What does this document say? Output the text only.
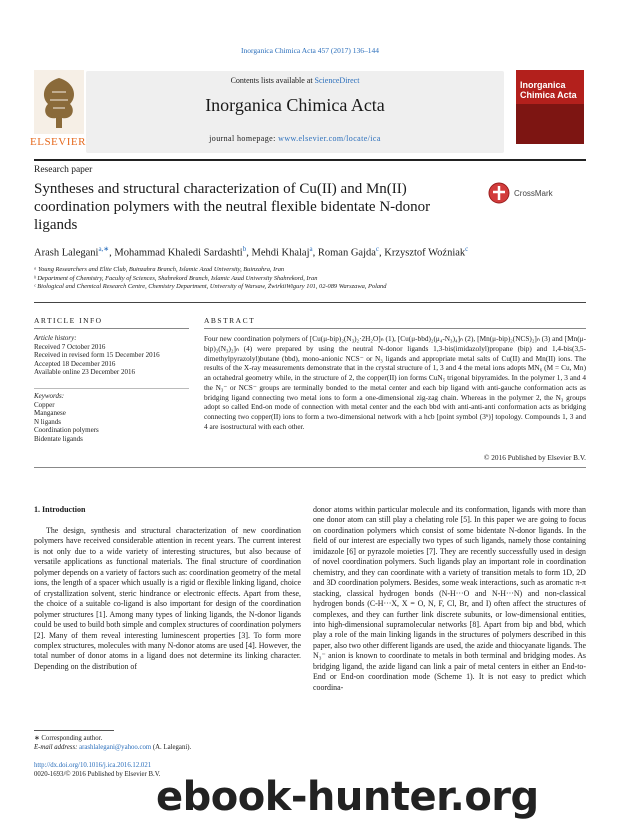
Inorganica Chimica Acta 457 (2017) 136–144
Contents lists available at ScienceDirect
Inorganica Chimica Acta
journal homepage: www.elsevier.com/locate/ica
ELSEVIER
Inorganica Chimica Acta
Research paper
Syntheses and structural characterization of Cu(II) and Mn(II) coordination polymers with the neutral flexible bidentate N-donor ligands
CrossMark
Arash Lalegani$^{a,∗}$, Mohammad Khaledi Sardashti$^b$, Mehdi Khalaj$^a$, Roman Gajda$^c$, Krzysztof Woźniak$^c$
ᵃ Young Researchers and Elite Club, Buinzahra Branch, Islamic Azad University, Buinzahra, Iran
ᵇ Department of Chemistry, Faculty of Sciences, Shahrekord Branch, Islamic Azad University Shahrekord, Iran
ᶜ Biological and Chemical Research Centre, Chemistry Department, University of Warsaw, ŻwirkiiWigury 101, 02-089 Warszawa, Poland
ARTICLE INFO	ABSTRACT
Article history:
Received 7 October 2016
Received in revised form 15 December 2016
Accepted 18 December 2016
Available online 23 December 2016
Keywords:
Copper
Manganese
N ligands
Coordination polymers
Bidentate ligands
Four new coordination polymers of [Cu(μ-bip)₂(N₃)₂·2H₂O]ₙ (1), [Cu(μ-bbd)₂(μ₄-N₃)₄]ₙ (2), [Mn(μ-bip)₂(NCS)₂]ₙ (3) and [Mn(μ-bip)₂(N₃)₂]ₙ (4) were prepared by using the neutral N-donor ligands 1,3-bis(imidazolyl)propane (bip) and 1,4-bis(3,5-dimethylpyrazolyl)butane (bbd), mono-anionic NCS⁻ or N₃ ligands and appropriate metal salts of Cu(II) and Mn(II) ions. The results of the X-ray measurements demonstrate that in the crystal structure of 1, 3 and 4 the metal ions adopts MN₆ (M = Cu, Mn) an octahedral geometry while, in the structure of 2, the copper(II) ion forms CuN₅ trigonal bipyramides. In the polymer 1, 3 and 4 the N₃⁻ or NCS⁻ groups are terminally bonded to the metal center and each bip ligand with anti-gauche conformation acts as bridging ligand connecting two metal ions to form a one-dimensional zig-zag chain. Whereas in the polymer 2, the N₃ groups adopt so called End-on mode of connection with metal center and the each bbd with anti-anti-anti conformation acts as bridging connecting two copper(II) ions to form a two-dimensional network with a hcb [point symbol (3⁶)] topology. Compounds 1, 3 and 4 are isostructural with each other.
© 2016 Published by Elsevier B.V.
1. Introduction

The design, synthesis and structural characterization of new coordination polymers have received considerable attention in recent years. The current interest is not only due to a wide variety of interesting structures, but also because of versatile applications as functional materials. The final structure of coordination polymer depends on a variety of factors such as: coordination geometry of the metal ions, the length of a spacer which usually is a rigid or flexible linking ligand, choice of crystallization solvent, steric hindrance or electronic effects. Apart from these, the choice of a suitable co-ligand is also important for design of the coordination polymer structures [1]. Among many types of linking ligands, the N-donor ligands could be used to build both simple and complex structures of coordination polymers [2]. Many of them reveal interesting luminescent properties [3]. To form more complex structures, molecules with many N-donor atoms are used [4]. However, the total number of donor atoms in a ligand does not determine its linking character. Depending on the distribution of

donor atoms within particular molecule and its conformation, ligands with more than one donor atom can still play a chelating role [5]. In this paper we are going to focus on coordination polymers which consist of some bidentate N-donor ligands. In the field of our interest are especially two types of such ligands, namely those containing imidazole [6] or pyrazole moieties [7]. They are recently successfully used in design of novel coordination polymers. Such ligands play an important role in coordination chemistry, and they can coordinate with a variety of transition metals to form 1D, 2D and 3D coordination polymers. Besides, some weak interactions, such as aromatic π-π stacking, classical hydrogen bonds (N-H···O and N-H···N) and non-classical hydrogen bonds (C-H···X, X = O, N, F, Cl, Br, and I) often affect the structures of complexes, and they can further link discrete subunits, or low-dimensional entities, into high-dimensional supramolecular networks [8]. Apart from bip and bbd, which play a role of the main linking ligands in the structures of polymers described in this paper, also two other different ligands are used, the azide and thiocyanate ligands. The N₃⁻ anion is known to coordinate to metals in both terminal and bridging modes. As bridging ligand, the azide ligand can link a pair of metal centers in either an End-to-End or End-on coordination mode (Scheme 1). It is not easy to predict which coordina-

∗ Corresponding author.
E-mail address: arashlalegani@yahoo.com (A. Lalegani).
http://dx.doi.org/10.1016/j.ica.2016.12.021
0020-1693/© 2016 Published by Elsevier B.V.
ebook-hunter.org
